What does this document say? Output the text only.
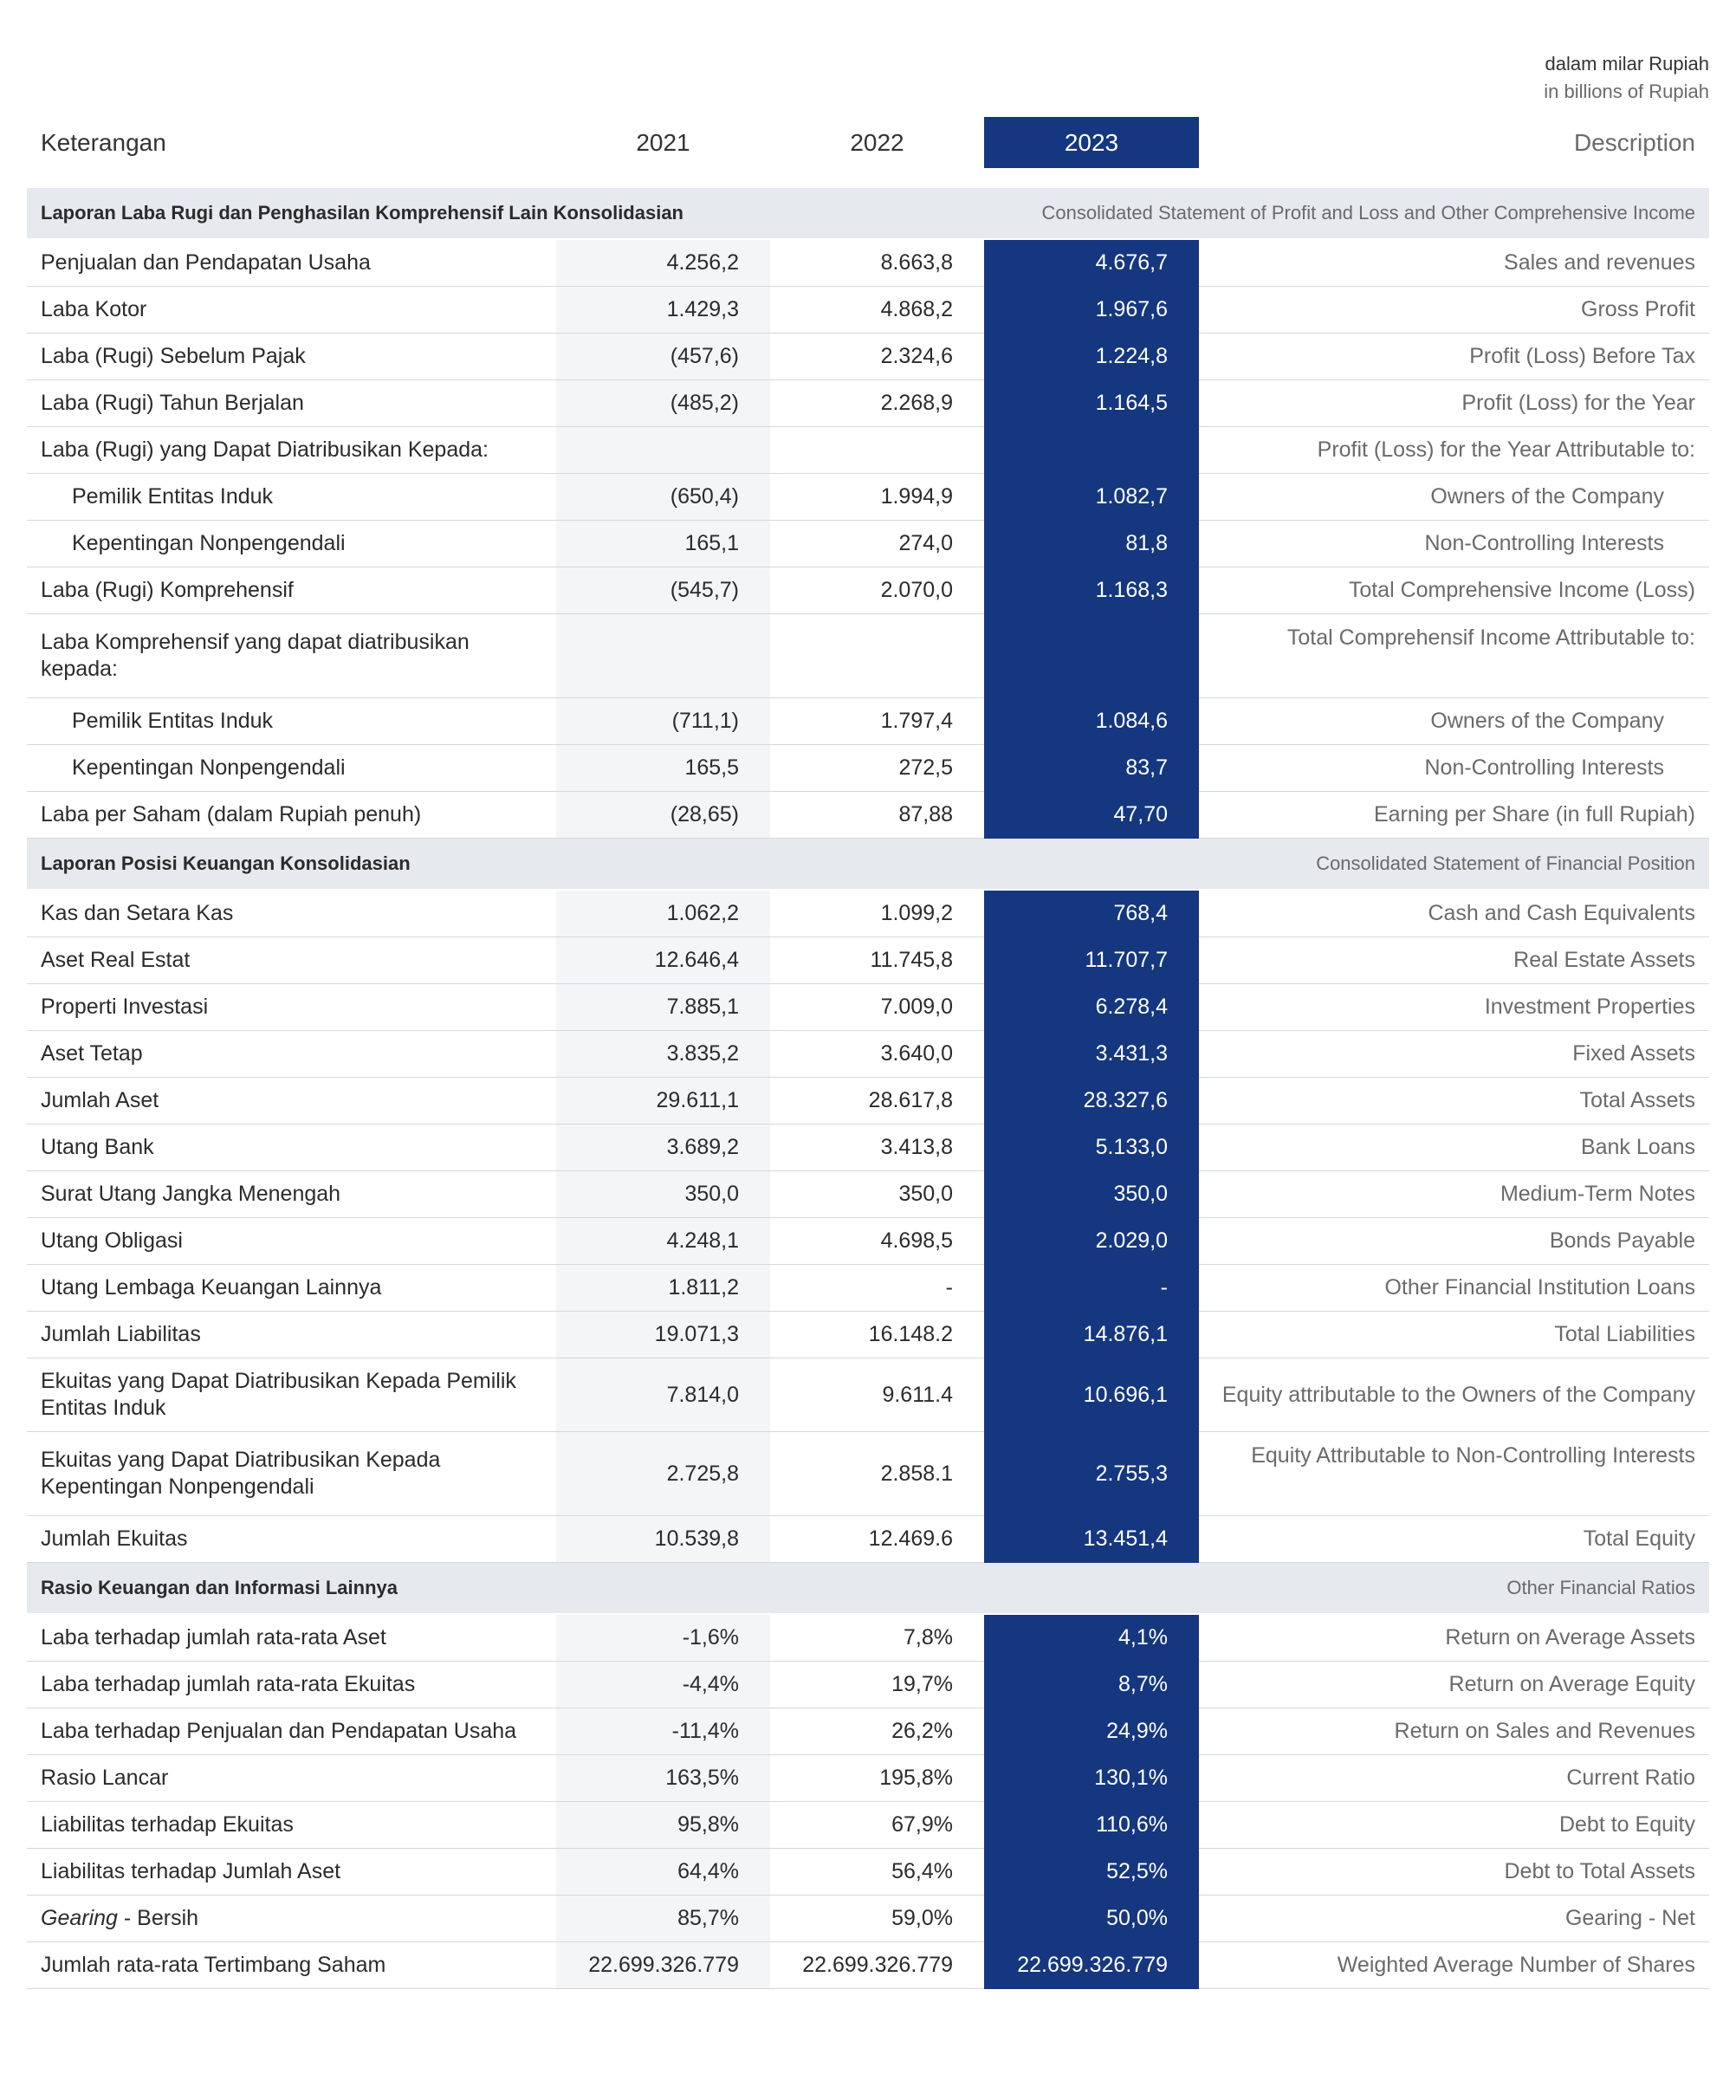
dalam milar Rupiah
in billions of Rupiah
Keterangan	2021	2022	2023	Description

Laporan Laba Rugi dan Penghasilan Komprehensif Lain Konsolidasian			Consolidated Statement of Profit and Loss and Other Comprehensive Income	
Penjualan dan Pendapatan Usaha	4.256,2	8.663,8	4.676,7	Sales and revenues
Laba Kotor	1.429,3	4.868,2	1.967,6	Gross Profit
Laba (Rugi) Sebelum Pajak	(457,6)	2.324,6	1.224,8	Profit (Loss) Before Tax
Laba (Rugi) Tahun Berjalan	(485,2)	2.268,9	1.164,5	Profit (Loss) for the Year
Laba (Rugi) yang Dapat Diatribusikan Kepada:				Profit (Loss) for the Year Attributable to:
Pemilik Entitas Induk	(650,4)	1.994,9	1.082,7	Owners of the Company
Kepentingan Nonpengendali	165,1	274,0	81,8	Non-Controlling Interests
Laba (Rugi) Komprehensif	(545,7)	2.070,0	1.168,3	Total Comprehensive Income (Loss)
Laba Komprehensif yang dapat diatribusikan kepada:				Total Comprehensif Income Attributable to:
Pemilik Entitas Induk	(711,1)	1.797,4	1.084,6	Owners of the Company
Kepentingan Nonpengendali	165,5	272,5	83,7	Non-Controlling Interests
Laba per Saham (dalam Rupiah penuh)	(28,65)	87,88	47,70	Earning per Share (in full Rupiah)
Laporan Posisi Keuangan Konsolidasian			Consolidated Statement of Financial Position	
Kas dan Setara Kas	1.062,2	1.099,2	768,4	Cash and Cash Equivalents
Aset Real Estat	12.646,4	11.745,8	11.707,7	Real Estate Assets
Properti Investasi	7.885,1	7.009,0	6.278,4	Investment Properties
Aset Tetap	3.835,2	3.640,0	3.431,3	Fixed Assets
Jumlah Aset	29.611,1	28.617,8	28.327,6	Total Assets
Utang Bank	3.689,2	3.413,8	5.133,0	Bank Loans
Surat Utang Jangka Menengah	350,0	350,0	350,0	Medium-Term Notes
Utang Obligasi	4.248,1	4.698,5	2.029,0	Bonds Payable
Utang Lembaga Keuangan Lainnya	1.811,2	-	-	Other Financial Institution Loans
Jumlah Liabilitas	19.071,3	16.148.2	14.876,1	Total Liabilities
Ekuitas yang Dapat Diatribusikan Kepada Pemilik Entitas Induk	7.814,0	9.611.4	10.696,1	Equity attributable to the Owners of the Company
Ekuitas yang Dapat Diatribusikan Kepada Kepentingan Nonpengendali	2.725,8	2.858.1	2.755,3	Equity Attributable to Non-Controlling Interests
Jumlah Ekuitas	10.539,8	12.469.6	13.451,4	Total Equity
Rasio Keuangan dan Informasi Lainnya			Other Financial Ratios	
Laba terhadap jumlah rata-rata Aset	-1,6%	7,8%	4,1%	Return on Average Assets
Laba terhadap jumlah rata-rata Ekuitas	-4,4%	19,7%	8,7%	Return on Average Equity
Laba terhadap Penjualan dan Pendapatan Usaha	-11,4%	26,2%	24,9%	Return on Sales and Revenues
Rasio Lancar	163,5%	195,8%	130,1%	Current Ratio
Liabilitas terhadap Ekuitas	95,8%	67,9%	110,6%	Debt to Equity
Liabilitas terhadap Jumlah Aset	64,4%	56,4%	52,5%	Debt to Total Assets
Gearing - Bersih	85,7%	59,0%	50,0%	Gearing - Net
Jumlah rata-rata Tertimbang Saham	22.699.326.779	22.699.326.779	22.699.326.779	Weighted Average Number of Shares
